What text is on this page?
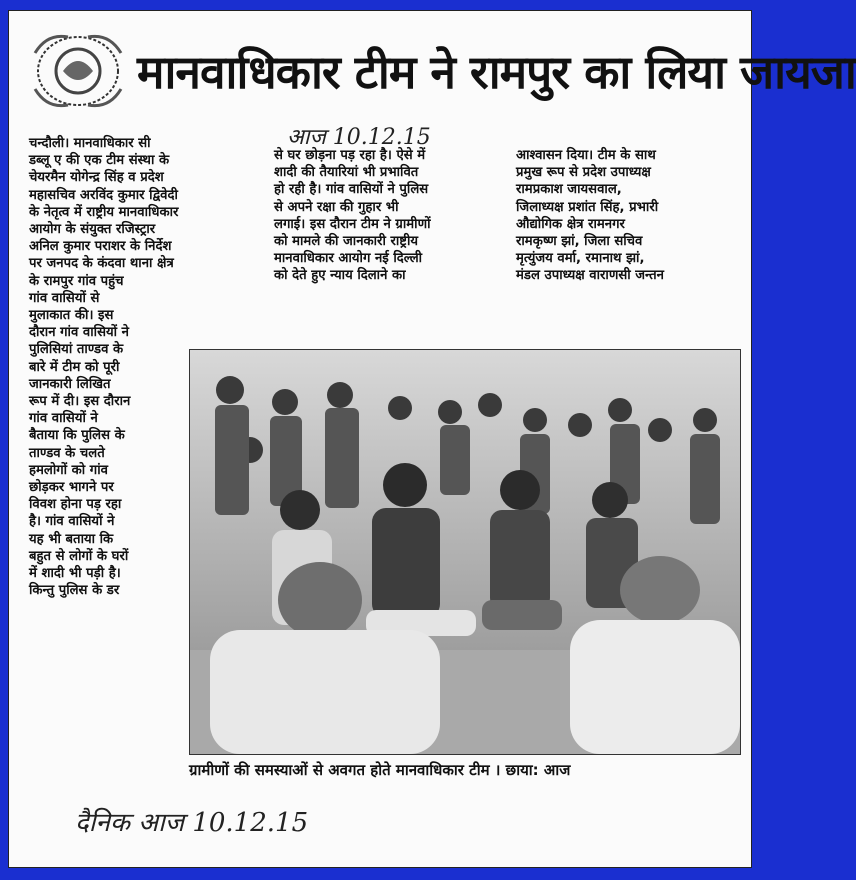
मानवाधिकार टीम ने रामपुर का लिया जायजा
आज 10.12.15
चन्दौली। मानवाधिकार सी
डब्लू ए की एक टीम संस्था के
चेयरमैन योगेन्द्र सिंह व प्रदेश
महासचिव अरविंद कुमार द्विवेदी
के नेतृत्व में राष्ट्रीय मानवाधिकार
आयोग के संयुक्त रजिस्ट्रार
अनिल कुमार पराशर के निर्देश
पर जनपद के कंदवा थाना क्षेत्र
के रामपुर गांव पहुंच
गांव वासियों से
मुलाकात की। इस
दौरान गांव वासियों ने
पुलिसियां ताण्डव के
बारे में टीम को पूरी
जानकारी लिखित
रूप में दी। इस दौरान
गांव वासियों ने
बैताया कि पुलिस के
ताण्डव के चलते
हमलोगों को गांव
छोड़कर भागने पर
विवश होना पड़ रहा
है। गांव वासियों ने
यह भी बताया कि
बहुत से लोगों के घरों
में शादी भी पड़ी है।
किन्तु पुलिस के डर
से घर छोड़ना पड़ रहा है। ऐसे में
शादी की तैयारियां भी प्रभावित
हो रही है। गांव वासियों ने पुलिस
से अपने रक्षा की गुहार भी
लगाई। इस दौरान टीम ने ग्रामीणों
को मामले की जानकारी राष्ट्रीय
मानवाधिकार आयोग नई दिल्ली
को देते हुए न्याय दिलाने का
आश्वासन दिया। टीम के साथ
प्रमुख रूप से प्रदेश उपाध्यक्ष
रामप्रकाश जायसवाल,
जिलाध्यक्ष प्रशांत सिंह, प्रभारी
औद्योगिक क्षेत्र रामनगर
रामकृष्ण झां, जिला सचिव
मृत्युंजय वर्मा, रमानाथ झां,
मंडल उपाध्यक्ष वाराणसी जन्तन
ग्रामीणों की समस्याओं से अवगत होते मानवाधिकार टीम । छाया: आज
दैनिक आज 10.12.15
